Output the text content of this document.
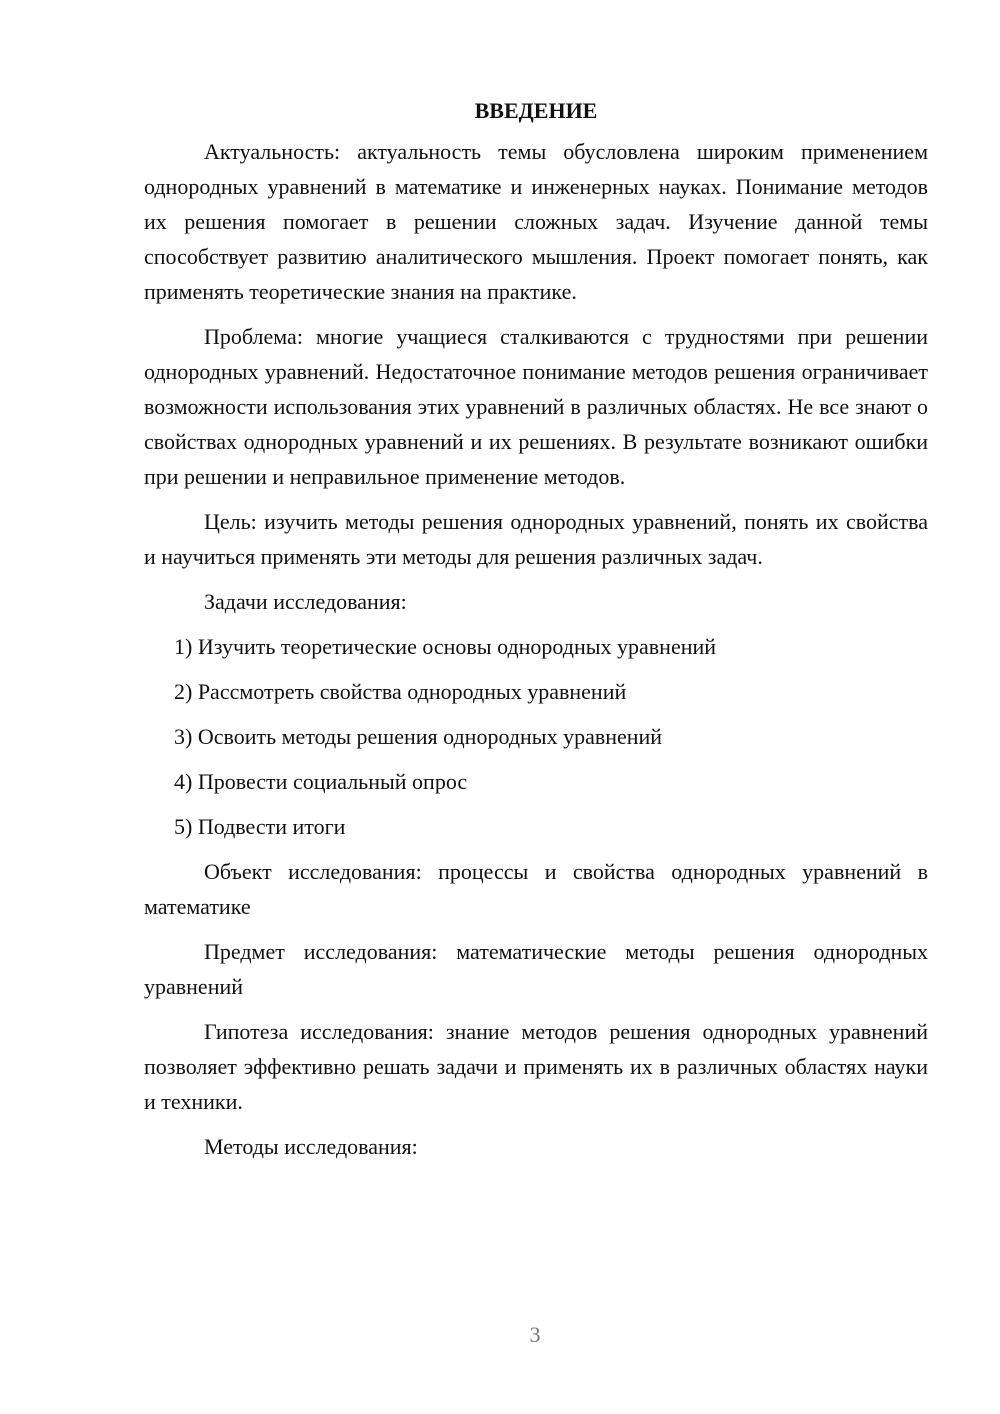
ВВЕДЕНИЕ

Актуальность: актуальность темы обусловлена широким применением однородных уравнений в математике и инженерных науках. Понимание методов их решения помогает в решении сложных задач. Изучение данной темы способствует развитию аналитического мышления. Проект помогает понять, как применять теоретические знания на практике.

Проблема: многие учащиеся сталкиваются с трудностями при решении однородных уравнений. Недостаточное понимание методов решения ограничивает возможности использования этих уравнений в различных областях. Не все знают о свойствах однородных уравнений и их решениях. В результате возникают ошибки при решении и неправильное применение методов.

Цель: изучить методы решения однородных уравнений, понять их свойства и научиться применять эти методы для решения различных задач.

Задачи исследования:

1) Изучить теоретические основы однородных уравнений
2) Рассмотреть свойства однородных уравнений
3) Освоить методы решения однородных уравнений
4) Провести социальный опрос
5) Подвести итоги

Объект исследования: процессы и свойства однородных уравнений в математике

Предмет исследования: математические методы решения однородных уравнений

Гипотеза исследования: знание методов решения однородных уравнений позволяет эффективно решать задачи и применять их в различных областях науки и техники.

Методы исследования:

3
